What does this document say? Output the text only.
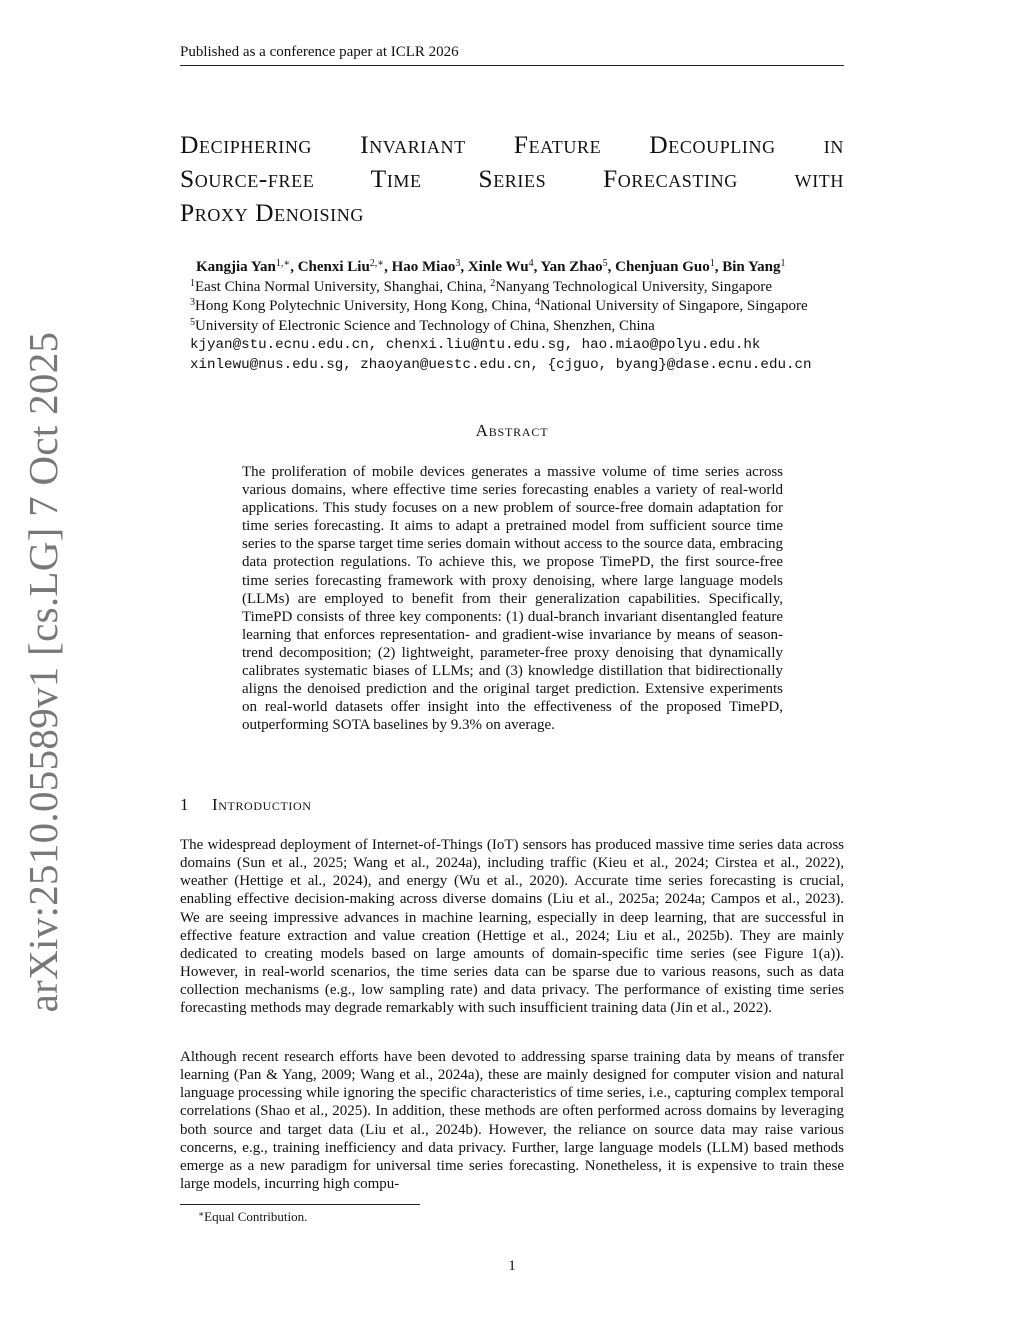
Published as a conference paper at ICLR 2026
arXiv:2510.05589v1 [cs.LG] 7 Oct 2025
Deciphering Invariant Feature Decoupling in
Source-free Time Series Forecasting with
Proxy Denoising
Kangjia Yan$^{1,∗}$, Chenxi Liu$^{2,∗}$, Hao Miao$^3$, Xinle Wu$^4$, Yan Zhao$^5$, Chenjuan Guo$^1$, Bin Yang$^1$
$^1$East China Normal University, Shanghai, China, $^2$Nanyang Technological University, Singapore
$^3$Hong Kong Polytechnic University, Hong Kong, China, $^4$National University of Singapore, Singapore
$^5$University of Electronic Science and Technology of China, Shenzhen, China
kjyan@stu.ecnu.edu.cn, chenxi.liu@ntu.edu.sg, hao.miao@polyu.edu.hk
xinlewu@nus.edu.sg, zhaoyan@uestc.edu.cn, {cjguo, byang}@dase.ecnu.edu.cn
Abstract
The proliferation of mobile devices generates a massive volume of time series across various domains, where effective time series forecasting enables a variety of real-world applications. This study focuses on a new problem of source-free domain adaptation for time series forecasting. It aims to adapt a pretrained model from sufficient source time series to the sparse target time series domain without access to the source data, embracing data protection regulations. To achieve this, we propose TimePD, the first source-free time series forecasting framework with proxy denoising, where large language models (LLMs) are employed to benefit from their generalization capabilities. Specifically, TimePD consists of three key components: (1) dual-branch invariant disentangled feature learning that enforces representation- and gradient-wise invariance by means of season-trend decomposition; (2) lightweight, parameter-free proxy denoising that dynamically calibrates systematic biases of LLMs; and (3) knowledge distillation that bidirectionally aligns the denoised prediction and the original target prediction. Extensive experiments on real-world datasets offer insight into the effectiveness of the proposed TimePD, outperforming SOTA baselines by 9.3% on average.
1 Introduction
The widespread deployment of Internet-of-Things (IoT) sensors has produced massive time series data across domains (Sun et al., 2025; Wang et al., 2024a), including traffic (Kieu et al., 2024; Cirstea et al., 2022), weather (Hettige et al., 2024), and energy (Wu et al., 2020). Accurate time series forecasting is crucial, enabling effective decision-making across diverse domains (Liu et al., 2025a; 2024a; Campos et al., 2023). We are seeing impressive advances in machine learning, especially in deep learning, that are successful in effective feature extraction and value creation (Hettige et al., 2024; Liu et al., 2025b). They are mainly dedicated to creating models based on large amounts of domain-specific time series (see Figure 1(a)). However, in real-world scenarios, the time series data can be sparse due to various reasons, such as data collection mechanisms (e.g., low sampling rate) and data privacy. The performance of existing time series forecasting methods may degrade remarkably with such insufficient training data (Jin et al., 2022).
Although recent research efforts have been devoted to addressing sparse training data by means of transfer learning (Pan & Yang, 2009; Wang et al., 2024a), these are mainly designed for computer vision and natural language processing while ignoring the specific characteristics of time series, i.e., capturing complex temporal correlations (Shao et al., 2025). In addition, these methods are often performed across domains by leveraging both source and target data (Liu et al., 2024b). However, the reliance on source data may raise various concerns, e.g., training inefficiency and data privacy. Further, large language models (LLM) based methods emerge as a new paradigm for universal time series forecasting. Nonetheless, it is expensive to train these large models, incurring high compu-
∗Equal Contribution.
1
